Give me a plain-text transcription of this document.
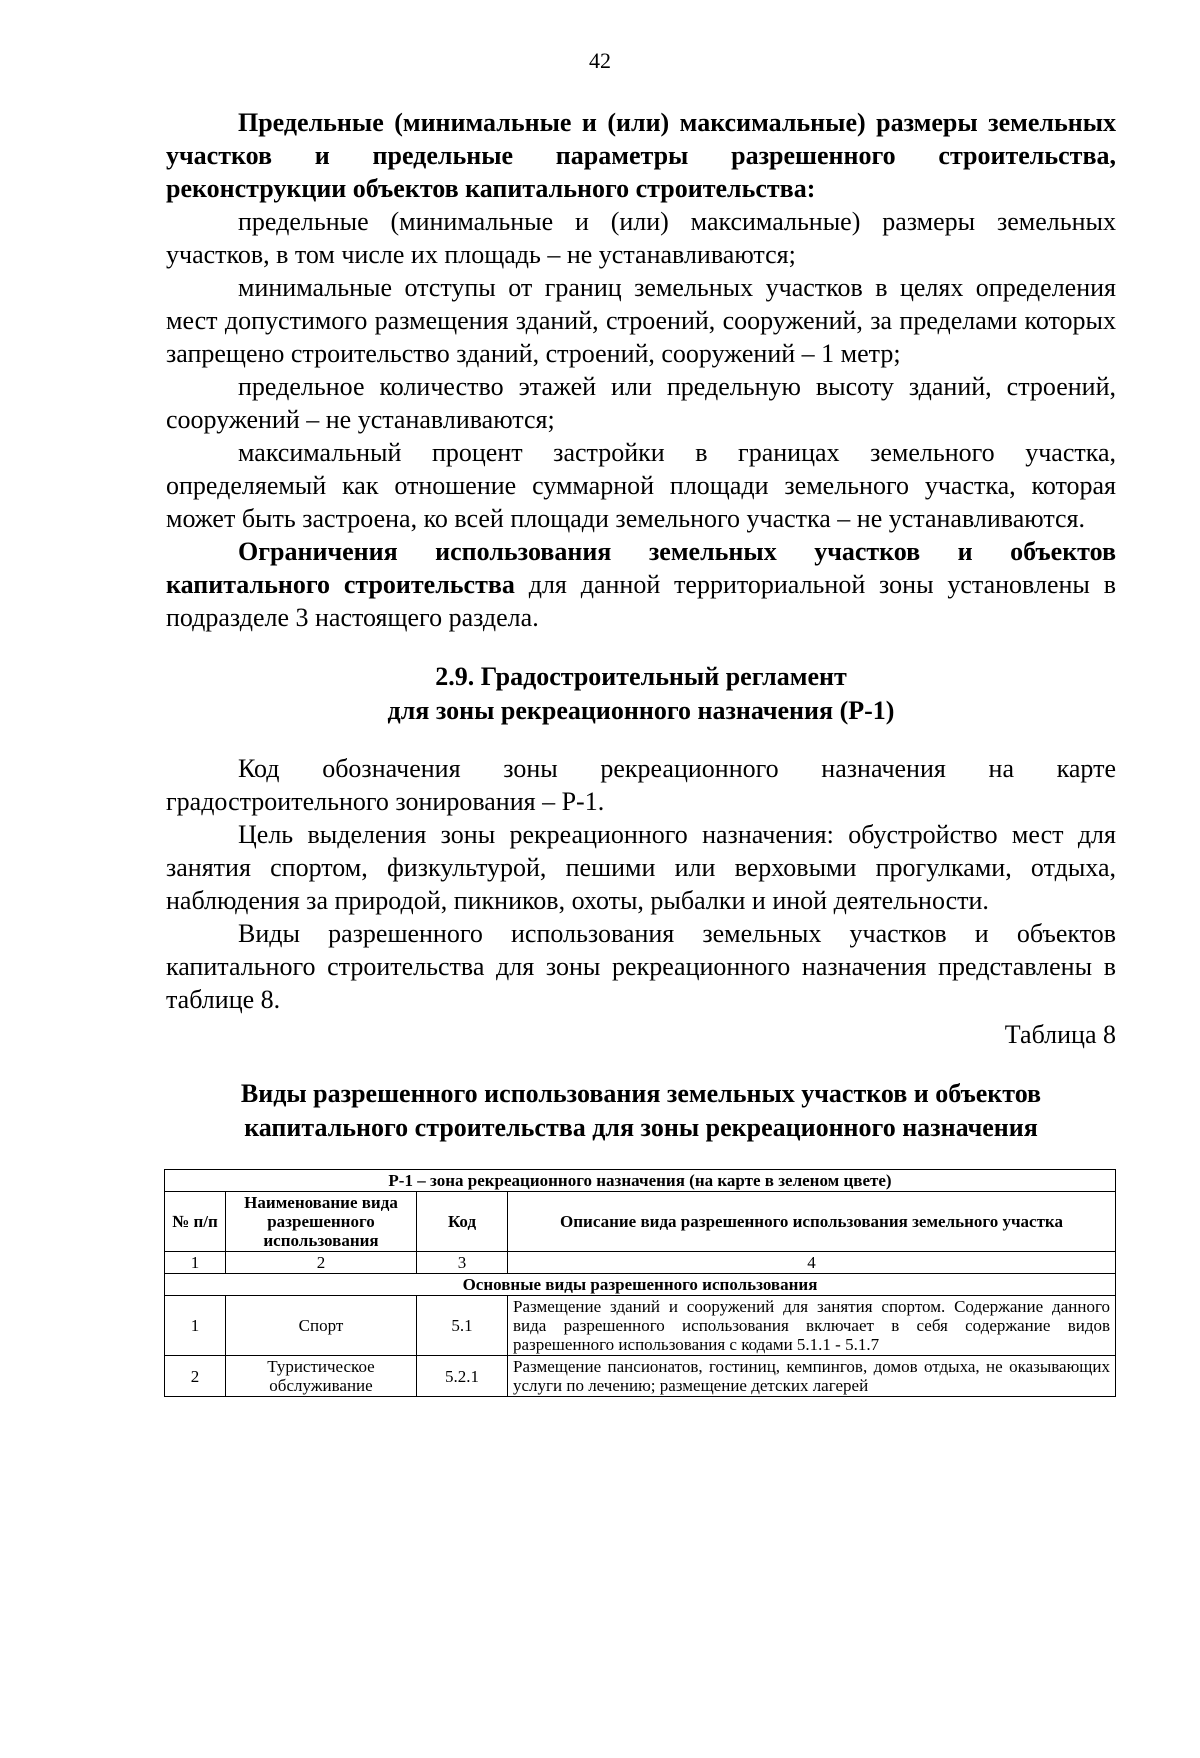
42

Предельные (минимальные и (или) максимальные) размеры земельных участков и предельные параметры разрешенного строительства, реконструкции объектов капитального строительства:

предельные (минимальные и (или) максимальные) размеры земельных участков, в том числе их площадь – не устанавливаются;

минимальные отступы от границ земельных участков в целях определения мест допустимого размещения зданий, строений, сооружений, за пределами которых запрещено строительство зданий, строений, сооружений – 1 метр;

предельное количество этажей или предельную высоту зданий, строений, сооружений – не устанавливаются;

максимальный процент застройки в границах земельного участка, определяемый как отношение суммарной площади земельного участка, которая может быть застроена, ко всей площади земельного участка – не устанавливаются.

Ограничения использования земельных участков и объектов капитального строительства для данной территориальной зоны установлены в подразделе 3 настоящего раздела.

2.9. Градостроительный регламент
для зоны рекреационного назначения (Р-1)

Код обозначения зоны рекреационного назначения на карте градостроительного зонирования – Р-1.

Цель выделения зоны рекреационного назначения: обустройство мест для занятия спортом, физкультурой, пешими или верховыми прогулками, отдыха, наблюдения за природой, пикников, охоты, рыбалки и иной деятельности.

Виды разрешенного использования земельных участков и объектов капитального строительства для зоны рекреационного назначения представлены в таблице 8.

Таблица 8
Виды разрешенного использования земельных участков и объектов
капитального строительства для зоны рекреационного назначения
Р-1 – зона рекреационного назначения (на карте в зеленом цвете)			
№ п/п	Наименование вида разрешенного использования	Код	Описание вида разрешенного использования земельного участка
1	2	3	4
Основные виды разрешенного использования			
1	Спорт	5.1	Размещение зданий и сооружений для занятия спортом. Содержание данного вида разрешенного использования включает в себя содержание видов разрешенного использования с кодами 5.1.1 - 5.1.7
2	Туристическое обслуживание	5.2.1	Размещение пансионатов, гостиниц, кемпингов, домов отдыха, не оказывающих услуги по лечению; размещение детских лагерей
